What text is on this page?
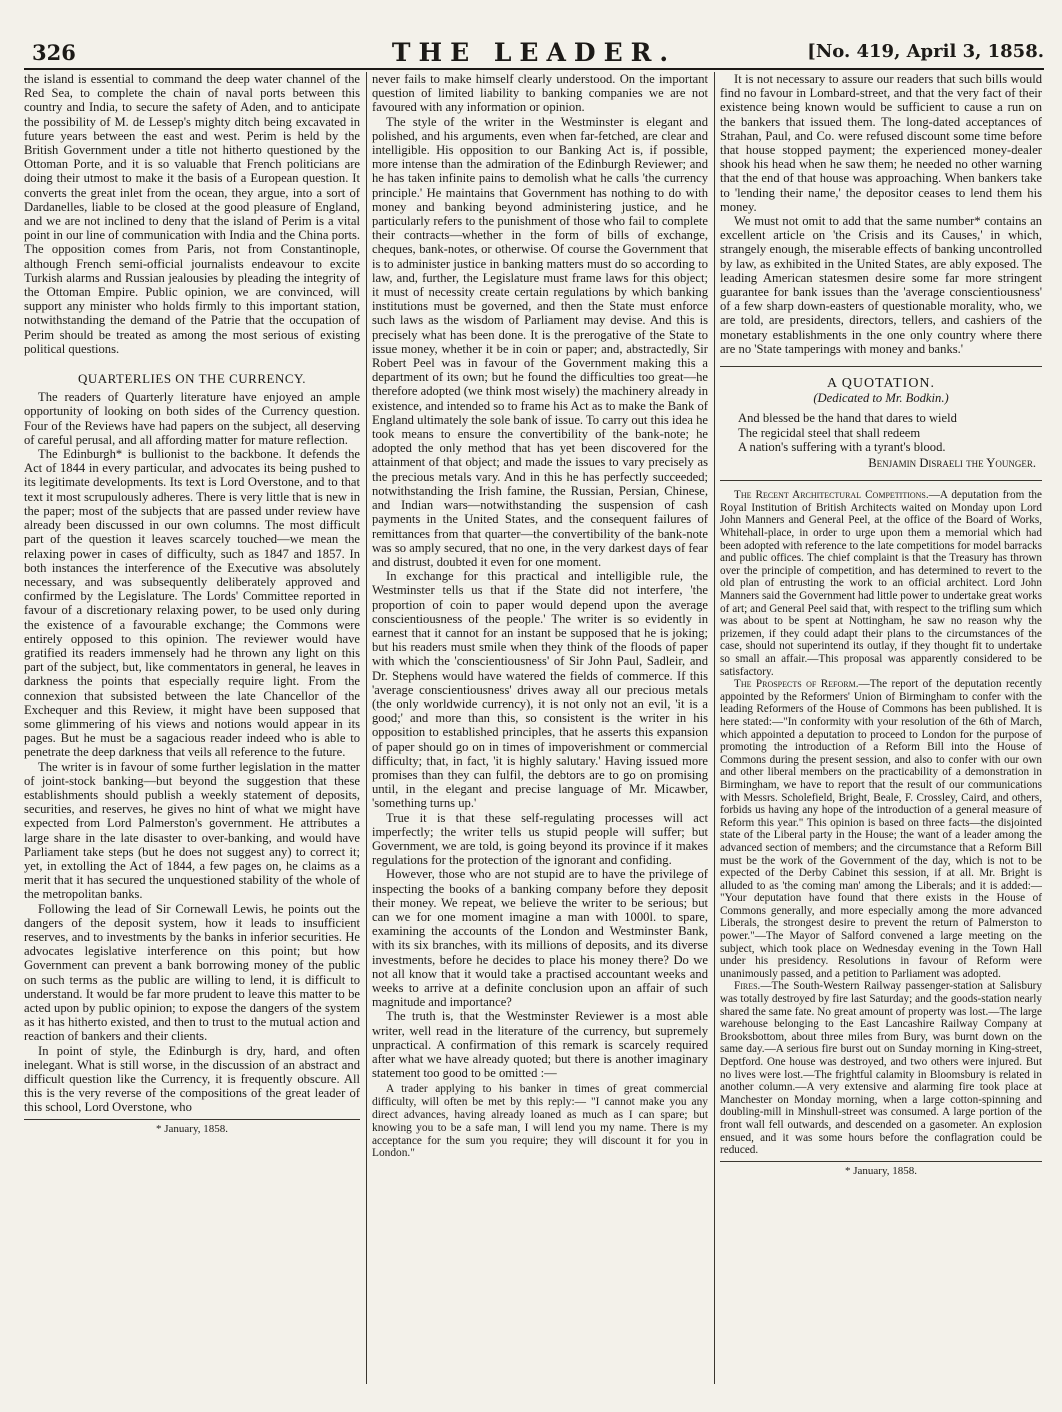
326	THE LEADER.	[No. 419, April 3, 1858.

the island is essential to command the deep water channel of the Red Sea, to complete the chain of naval ports between this country and India, to secure the safety of Aden, and to anticipate the possibility of M. de Lessep's mighty ditch being excavated in future years between the east and west. Perim is held by the British Government under a title not hitherto questioned by the Ottoman Porte, and it is so valuable that French politicians are doing their utmost to make it the basis of a European question. It converts the great inlet from the ocean, they argue, into a sort of Dardanelles, liable to be closed at the good pleasure of England, and we are not inclined to deny that the island of Perim is a vital point in our line of communication with India and the China ports. The opposition comes from Paris, not from Constantinople, although French semi-official journalists endeavour to excite Turkish alarms and Russian jealousies by pleading the integrity of the Ottoman Empire. Public opinion, we are convinced, will support any minister who holds firmly to this important station, notwithstanding the demand of the Patrie that the occupation of Perim should be treated as among the most serious of existing political questions.

QUARTERLIES ON THE CURRENCY.

The readers of Quarterly literature have enjoyed an ample opportunity of looking on both sides of the Currency question. Four of the Reviews have had papers on the subject, all deserving of careful perusal, and all affording matter for mature reflection.

The Edinburgh* is bullionist to the backbone. It defends the Act of 1844 in every particular, and advocates its being pushed to its legitimate developments. Its text is Lord Overstone, and to that text it most scrupulously adheres. There is very little that is new in the paper; most of the subjects that are passed under review have already been discussed in our own columns. The most difficult part of the question it leaves scarcely touched—we mean the relaxing power in cases of difficulty, such as 1847 and 1857. In both instances the interference of the Executive was absolutely necessary, and was subsequently deliberately approved and confirmed by the Legislature. The Lords' Committee reported in favour of a discretionary relaxing power, to be used only during the existence of a favourable exchange; the Commons were entirely opposed to this opinion. The reviewer would have gratified its readers immensely had he thrown any light on this part of the subject, but, like commentators in general, he leaves in darkness the points that especially require light. From the connexion that subsisted between the late Chancellor of the Exchequer and this Review, it might have been supposed that some glimmering of his views and notions would appear in its pages. But he must be a sagacious reader indeed who is able to penetrate the deep darkness that veils all reference to the future.

The writer is in favour of some further legislation in the matter of joint-stock banking—but beyond the suggestion that these establishments should publish a weekly statement of deposits, securities, and reserves, he gives no hint of what we might have expected from Lord Palmerston's government. He attributes a large share in the late disaster to over-banking, and would have Parliament take steps (but he does not suggest any) to correct it; yet, in extolling the Act of 1844, a few pages on, he claims as a merit that it has secured the unquestioned stability of the whole of the metropolitan banks.

Following the lead of Sir Cornewall Lewis, he points out the dangers of the deposit system, how it leads to insufficient reserves, and to investments by the banks in inferior securities. He advocates legislative interference on this point; but how Government can prevent a bank borrowing money of the public on such terms as the public are willing to lend, it is difficult to understand. It would be far more prudent to leave this matter to be acted upon by public opinion; to expose the dangers of the system as it has hitherto existed, and then to trust to the mutual action and reaction of bankers and their clients.

In point of style, the Edinburgh is dry, hard, and often inelegant. What is still worse, in the discussion of an abstract and difficult question like the Currency, it is frequently obscure. All this is the very reverse of the compositions of the great leader of this school, Lord Overstone, who

* January, 1858.

never fails to make himself clearly understood. On the important question of limited liability to banking companies we are not favoured with any information or opinion.

The style of the writer in the Westminster is elegant and polished, and his arguments, even when far-fetched, are clear and intelligible. His opposition to our Banking Act is, if possible, more intense than the admiration of the Edinburgh Reviewer; and he has taken infinite pains to demolish what he calls 'the currency principle.' He maintains that Government has nothing to do with money and banking beyond administering justice, and he particularly refers to the punishment of those who fail to complete their contracts—whether in the form of bills of exchange, cheques, bank-notes, or otherwise. Of course the Government that is to administer justice in banking matters must do so according to law, and, further, the Legislature must frame laws for this object; it must of necessity create certain regulations by which banking institutions must be governed, and then the State must enforce such laws as the wisdom of Parliament may devise. And this is precisely what has been done. It is the prerogative of the State to issue money, whether it be in coin or paper; and, abstractedly, Sir Robert Peel was in favour of the Government making this a department of its own; but he found the difficulties too great—he therefore adopted (we think most wisely) the machinery already in existence, and intended so to frame his Act as to make the Bank of England ultimately the sole bank of issue. To carry out this idea he took means to ensure the convertibility of the bank-note; he adopted the only method that has yet been discovered for the attainment of that object; and made the issues to vary precisely as the precious metals vary. And in this he has perfectly succeeded; notwithstanding the Irish famine, the Russian, Persian, Chinese, and Indian wars—notwithstanding the suspension of cash payments in the United States, and the consequent failures of remittances from that quarter—the convertibility of the bank-note was so amply secured, that no one, in the very darkest days of fear and distrust, doubted it even for one moment.

In exchange for this practical and intelligible rule, the Westminster tells us that if the State did not interfere, 'the proportion of coin to paper would depend upon the average conscientiousness of the people.' The writer is so evidently in earnest that it cannot for an instant be supposed that he is joking; but his readers must smile when they think of the floods of paper with which the 'conscientiousness' of Sir John Paul, Sadleir, and Dr. Stephens would have watered the fields of commerce. If this 'average conscientiousness' drives away all our precious metals (the only worldwide currency), it is not only not an evil, 'it is a good;' and more than this, so consistent is the writer in his opposition to established principles, that he asserts this expansion of paper should go on in times of impoverishment or commercial difficulty; that, in fact, 'it is highly salutary.' Having issued more promises than they can fulfil, the debtors are to go on promising until, in the elegant and precise language of Mr. Micawber, 'something turns up.'

True it is that these self-regulating processes will act imperfectly; the writer tells us stupid people will suffer; but Government, we are told, is going beyond its province if it makes regulations for the protection of the ignorant and confiding.

However, those who are not stupid are to have the privilege of inspecting the books of a banking company before they deposit their money. We repeat, we believe the writer to be serious; but can we for one moment imagine a man with 1000l. to spare, examining the accounts of the London and Westminster Bank, with its six branches, with its millions of deposits, and its diverse investments, before he decides to place his money there? Do we not all know that it would take a practised accountant weeks and weeks to arrive at a definite conclusion upon an affair of such magnitude and importance?

The truth is, that the Westminster Reviewer is a most able writer, well read in the literature of the currency, but supremely unpractical. A confirmation of this remark is scarcely required after what we have already quoted; but there is another imaginary statement too good to be omitted :—

A trader applying to his banker in times of great commercial difficulty, will often be met by this reply:— "I cannot make you any direct advances, having already loaned as much as I can spare; but knowing you to be a safe man, I will lend you my name. There is my acceptance for the sum you require; they will discount it for you in London."

It is not necessary to assure our readers that such bills would find no favour in Lombard-street, and that the very fact of their existence being known would be sufficient to cause a run on the bankers that issued them. The long-dated acceptances of Strahan, Paul, and Co. were refused discount some time before that house stopped payment; the experienced money-dealer shook his head when he saw them; he needed no other warning that the end of that house was approaching. When bankers take to 'lending their name,' the depositor ceases to lend them his money.

We must not omit to add that the same number* contains an excellent article on 'the Crisis and its Causes,' in which, strangely enough, the miserable effects of banking uncontrolled by law, as exhibited in the United States, are ably exposed. The leading American statesmen desire some far more stringent guarantee for bank issues than the 'average conscientiousness' of a few sharp down-easters of questionable morality, who, we are told, are presidents, directors, tellers, and cashiers of the monetary establishments in the one only country where there are no 'State tamperings with money and banks.'

A QUOTATION.
(Dedicated to Mr. Bodkin.)

And blessed be the hand that dares to wield

The regicidal steel that shall redeem

A nation's suffering with a tyrant's blood.

Benjamin Disraeli the Younger.

The Recent Architectural Competitions.—A deputation from the Royal Institution of British Architects waited on Monday upon Lord John Manners and General Peel, at the office of the Board of Works, Whitehall-place, in order to urge upon them a memorial which had been adopted with reference to the late competitions for model barracks and public offices. The chief complaint is that the Treasury has thrown over the principle of competition, and has determined to revert to the old plan of entrusting the work to an official architect. Lord John Manners said the Government had little power to undertake great works of art; and General Peel said that, with respect to the trifling sum which was about to be spent at Nottingham, he saw no reason why the prizemen, if they could adapt their plans to the circumstances of the case, should not superintend its outlay, if they thought fit to undertake so small an affair.—This proposal was apparently considered to be satisfactory.

The Prospects of Reform.—The report of the deputation recently appointed by the Reformers' Union of Birmingham to confer with the leading Reformers of the House of Commons has been published. It is here stated:—"In conformity with your resolution of the 6th of March, which appointed a deputation to proceed to London for the purpose of promoting the introduction of a Reform Bill into the House of Commons during the present session, and also to confer with our own and other liberal members on the practicability of a demonstration in Birmingham, we have to report that the result of our communications with Messrs. Scholefield, Bright, Beale, F. Crossley, Caird, and others, forbids us having any hope of the introduction of a general measure of Reform this year." This opinion is based on three facts—the disjointed state of the Liberal party in the House; the want of a leader among the advanced section of members; and the circumstance that a Reform Bill must be the work of the Government of the day, which is not to be expected of the Derby Cabinet this session, if at all. Mr. Bright is alluded to as 'the coming man' among the Liberals; and it is added:— "Your deputation have found that there exists in the House of Commons generally, and more especially among the more advanced Liberals, the strongest desire to prevent the return of Palmerston to power."—The Mayor of Salford convened a large meeting on the subject, which took place on Wednesday evening in the Town Hall under his presidency. Resolutions in favour of Reform were unanimously passed, and a petition to Parliament was adopted.

Fires.—The South-Western Railway passenger-station at Salisbury was totally destroyed by fire last Saturday; and the goods-station nearly shared the same fate. No great amount of property was lost.—The large warehouse belonging to the East Lancashire Railway Company at Brooksbottom, about three miles from Bury, was burnt down on the same day.—A serious fire burst out on Sunday morning in King-street, Deptford. One house was destroyed, and two others were injured. But no lives were lost.—The frightful calamity in Bloomsbury is related in another column.—A very extensive and alarming fire took place at Manchester on Monday morning, when a large cotton-spinning and doubling-mill in Minshull-street was consumed. A large portion of the front wall fell outwards, and descended on a gasometer. An explosion ensued, and it was some hours before the conflagration could be reduced.

* January, 1858.
